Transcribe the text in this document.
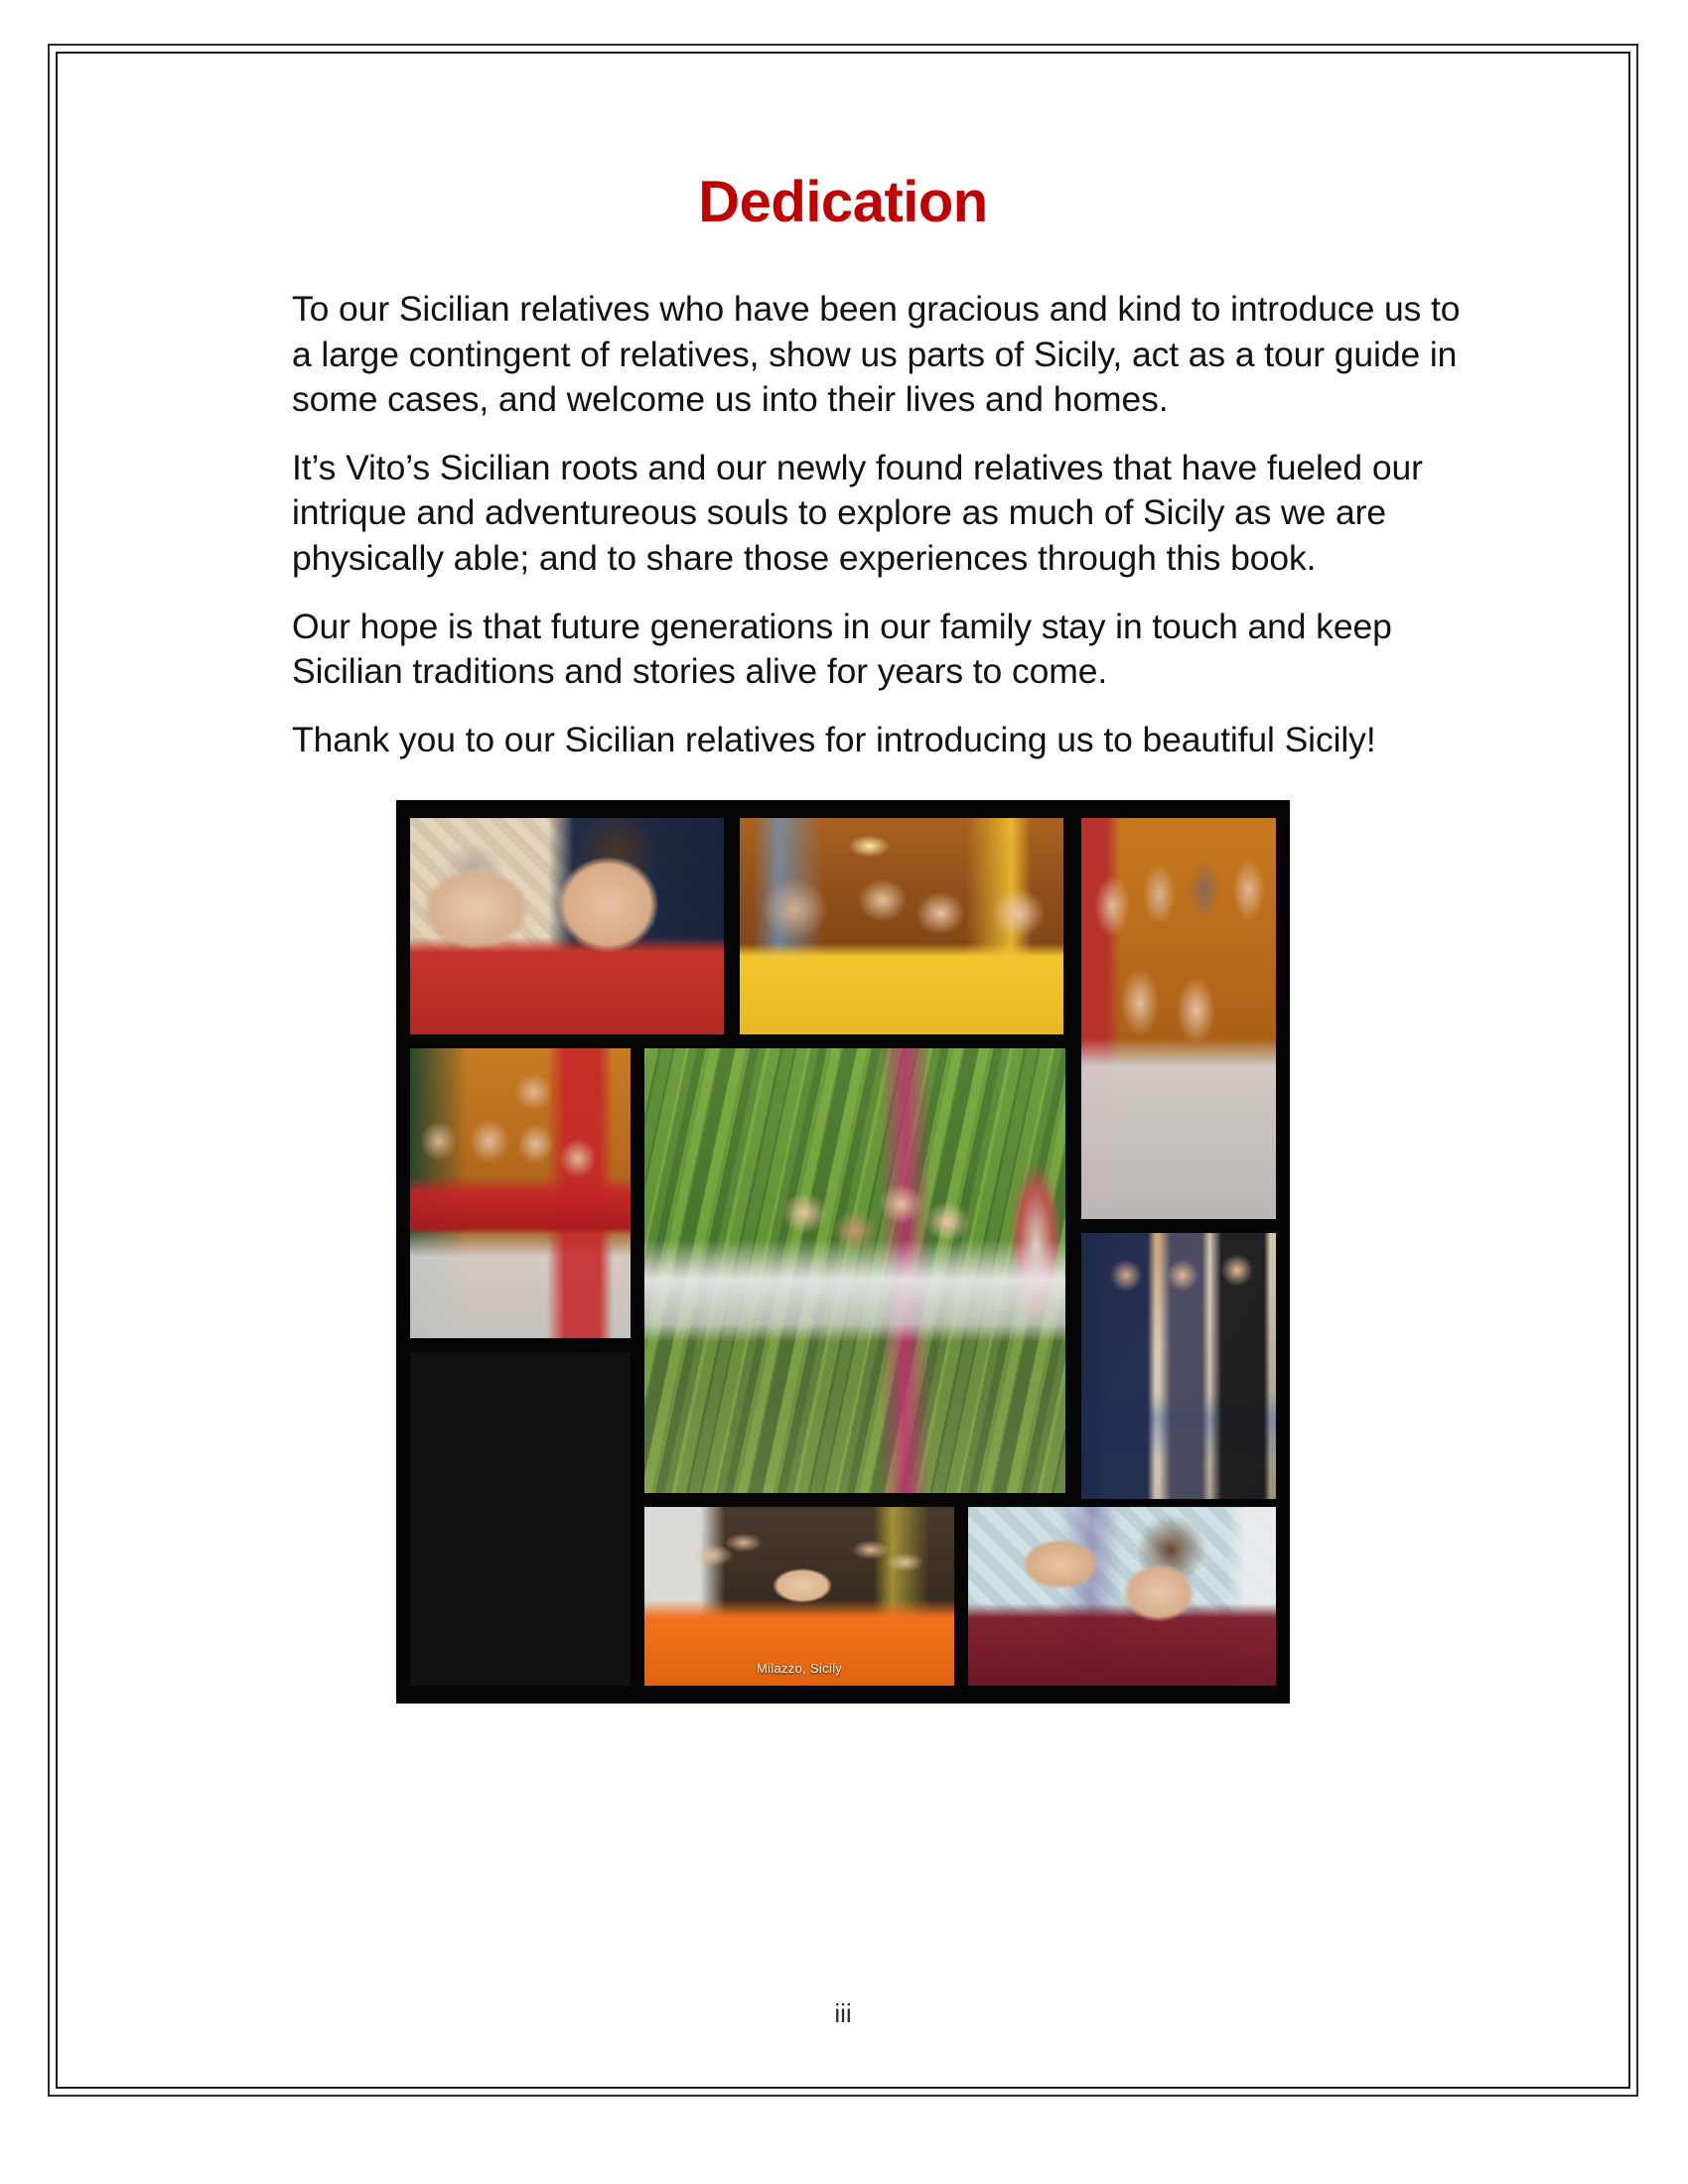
Dedication

To our Sicilian relatives who have been gracious and kind to introduce us to a large contingent of relatives, show us parts of Sicily, act as a tour guide in some cases, and welcome us into their lives and homes.

It’s Vito’s Sicilian roots and our newly found relatives that have fueled our intrique and adventureous souls to explore as much of Sicily as we are physically able; and to share those experiences through this book.

Our hope is that future generations in our family stay in touch and keep Sicilian traditions and stories alive for years to come.

Thank you to our Sicilian relatives for introducing us to beautiful Sicily!

Milazzo, Sicily
iii
